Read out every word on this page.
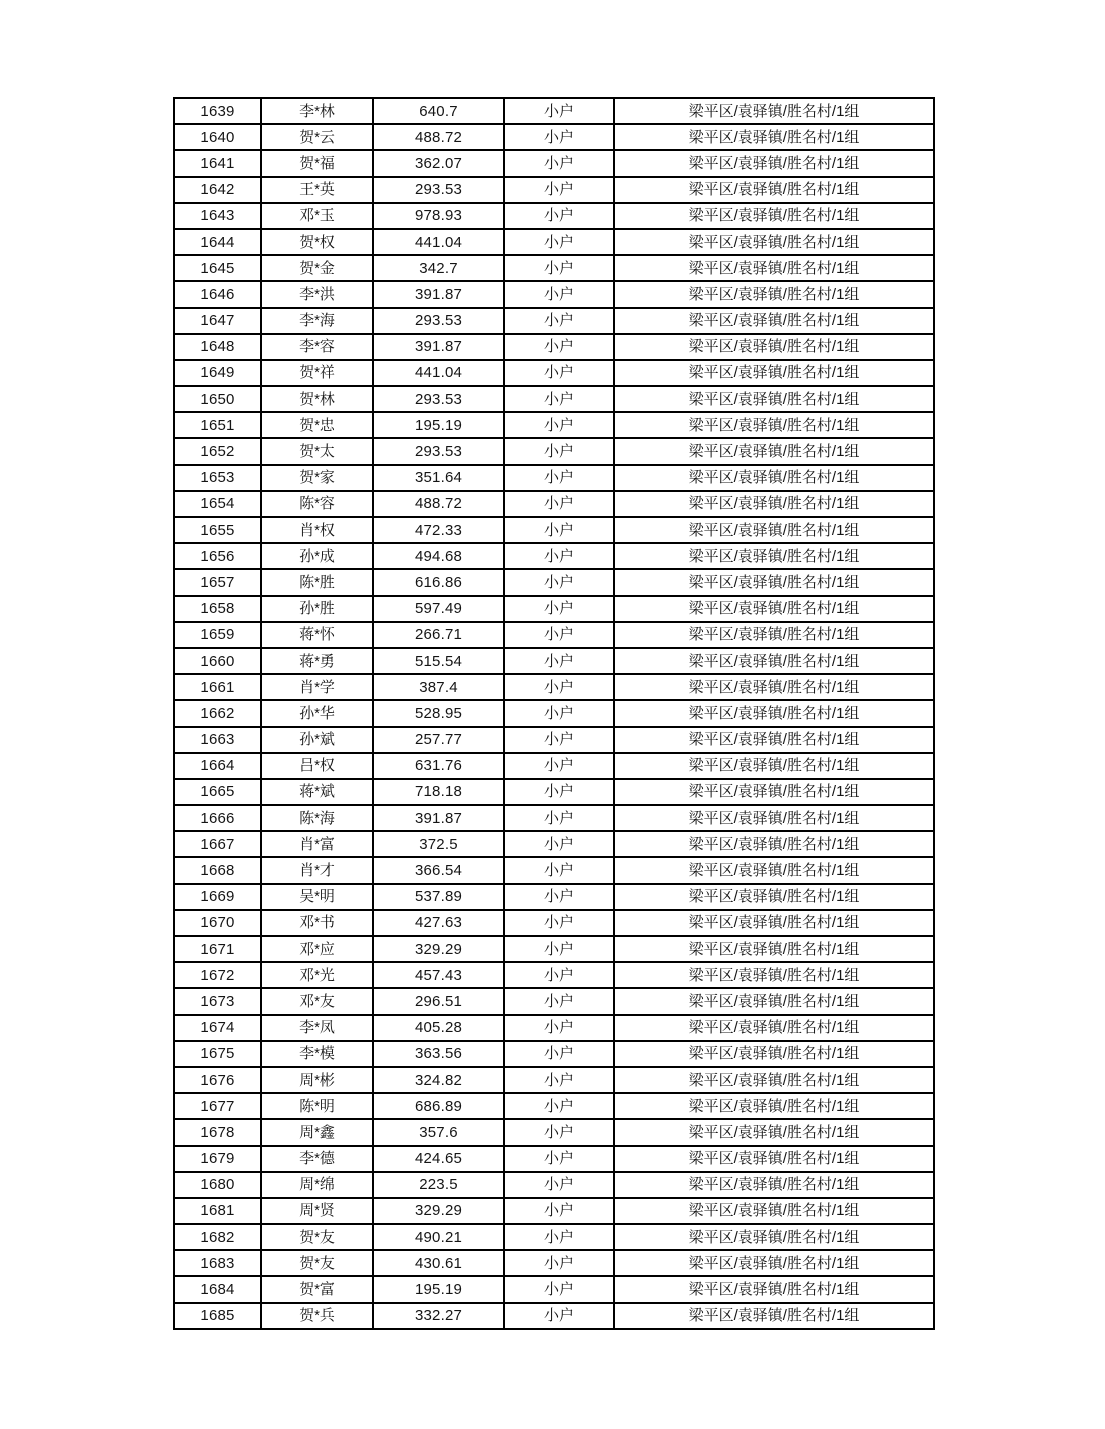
1639	李*林	640.7	小户	梁平区/袁驿镇/胜名村/1组
1640	贺*云	488.72	小户	梁平区/袁驿镇/胜名村/1组
1641	贺*福	362.07	小户	梁平区/袁驿镇/胜名村/1组
1642	王*英	293.53	小户	梁平区/袁驿镇/胜名村/1组
1643	邓*玉	978.93	小户	梁平区/袁驿镇/胜名村/1组
1644	贺*权	441.04	小户	梁平区/袁驿镇/胜名村/1组
1645	贺*金	342.7	小户	梁平区/袁驿镇/胜名村/1组
1646	李*洪	391.87	小户	梁平区/袁驿镇/胜名村/1组
1647	李*海	293.53	小户	梁平区/袁驿镇/胜名村/1组
1648	李*容	391.87	小户	梁平区/袁驿镇/胜名村/1组
1649	贺*祥	441.04	小户	梁平区/袁驿镇/胜名村/1组
1650	贺*林	293.53	小户	梁平区/袁驿镇/胜名村/1组
1651	贺*忠	195.19	小户	梁平区/袁驿镇/胜名村/1组
1652	贺*太	293.53	小户	梁平区/袁驿镇/胜名村/1组
1653	贺*家	351.64	小户	梁平区/袁驿镇/胜名村/1组
1654	陈*容	488.72	小户	梁平区/袁驿镇/胜名村/1组
1655	肖*权	472.33	小户	梁平区/袁驿镇/胜名村/1组
1656	孙*成	494.68	小户	梁平区/袁驿镇/胜名村/1组
1657	陈*胜	616.86	小户	梁平区/袁驿镇/胜名村/1组
1658	孙*胜	597.49	小户	梁平区/袁驿镇/胜名村/1组
1659	蒋*怀	266.71	小户	梁平区/袁驿镇/胜名村/1组
1660	蒋*勇	515.54	小户	梁平区/袁驿镇/胜名村/1组
1661	肖*学	387.4	小户	梁平区/袁驿镇/胜名村/1组
1662	孙*华	528.95	小户	梁平区/袁驿镇/胜名村/1组
1663	孙*斌	257.77	小户	梁平区/袁驿镇/胜名村/1组
1664	吕*权	631.76	小户	梁平区/袁驿镇/胜名村/1组
1665	蒋*斌	718.18	小户	梁平区/袁驿镇/胜名村/1组
1666	陈*海	391.87	小户	梁平区/袁驿镇/胜名村/1组
1667	肖*富	372.5	小户	梁平区/袁驿镇/胜名村/1组
1668	肖*才	366.54	小户	梁平区/袁驿镇/胜名村/1组
1669	吴*明	537.89	小户	梁平区/袁驿镇/胜名村/1组
1670	邓*书	427.63	小户	梁平区/袁驿镇/胜名村/1组
1671	邓*应	329.29	小户	梁平区/袁驿镇/胜名村/1组
1672	邓*光	457.43	小户	梁平区/袁驿镇/胜名村/1组
1673	邓*友	296.51	小户	梁平区/袁驿镇/胜名村/1组
1674	李*凤	405.28	小户	梁平区/袁驿镇/胜名村/1组
1675	李*模	363.56	小户	梁平区/袁驿镇/胜名村/1组
1676	周*彬	324.82	小户	梁平区/袁驿镇/胜名村/1组
1677	陈*明	686.89	小户	梁平区/袁驿镇/胜名村/1组
1678	周*鑫	357.6	小户	梁平区/袁驿镇/胜名村/1组
1679	李*德	424.65	小户	梁平区/袁驿镇/胜名村/1组
1680	周*绵	223.5	小户	梁平区/袁驿镇/胜名村/1组
1681	周*贤	329.29	小户	梁平区/袁驿镇/胜名村/1组
1682	贺*友	490.21	小户	梁平区/袁驿镇/胜名村/1组
1683	贺*友	430.61	小户	梁平区/袁驿镇/胜名村/1组
1684	贺*富	195.19	小户	梁平区/袁驿镇/胜名村/1组
1685	贺*兵	332.27	小户	梁平区/袁驿镇/胜名村/1组
